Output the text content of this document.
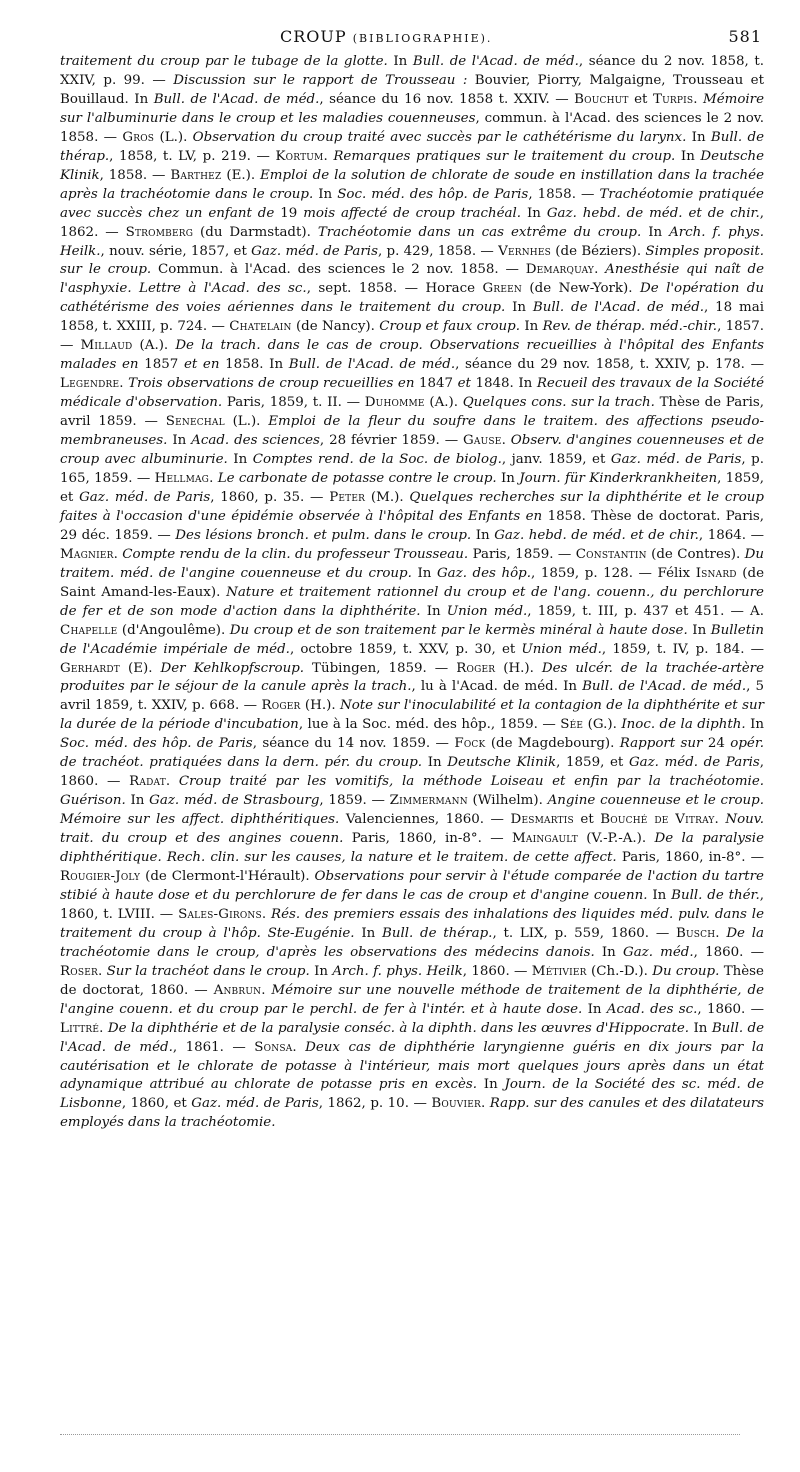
CROUP (BIBLIOGRAPHIE).	581
traitement du croup par le tubage de la glotte. In Bull. de l'Acad. de méd., séance du 2 nov. 1858, t. XXIV, p. 99. — Discussion sur le rapport de Trousseau : Bouvier, Piorry, Malgaigne, Trousseau et Bouillaud. In Bull. de l'Acad. de méd., séance du 16 nov. 1858 t. XXIV. — Bouchut et Turpis. Mémoire sur l'albuminurie dans le croup et les maladies couenneuses, commun. à l'Acad. des sciences le 2 nov. 1858. — Gros (L.). Observation du croup traité avec succès par le cathétérisme du larynx. In Bull. de thérap., 1858, t. LV, p. 219. — Kortum. Remarques pratiques sur le traitement du croup. In Deutsche Klinik, 1858. — Barthez (E.). Emploi de la solution de chlorate de soude en instillation dans la trachée après la trachéotomie dans le croup. In Soc. méd. des hôp. de Paris, 1858. — Trachéotomie pratiquée avec succès chez un enfant de 19 mois affecté de croup trachéal. In Gaz. hebd. de méd. et de chir., 1862. — Stromberg (du Darmstadt). Trachéotomie dans un cas extrême du croup. In Arch. f. phys. Heilk., nouv. série, 1857, et Gaz. méd. de Paris, p. 429, 1858. — Vernhes (de Béziers). Simples proposit. sur le croup. Commun. à l'Acad. des sciences le 2 nov. 1858. — Demarquay. Anesthésie qui naît de l'asphyxie. Lettre à l'Acad. des sc., sept. 1858. — Horace Green (de New-York). De l'opération du cathétérisme des voies aériennes dans le traitement du croup. In Bull. de l'Acad. de méd., 18 mai 1858, t. XXIII, p. 724. — Chatelain (de Nancy). Croup et faux croup. In Rev. de thérap. méd.-chir., 1857. — Millaud (A.). De la trach. dans le cas de croup. Observations recueillies à l'hôpital des Enfants malades en 1857 et en 1858. In Bull. de l'Acad. de méd., séance du 29 nov. 1858, t. XXIV, p. 178. — Legendre. Trois observations de croup recueillies en 1847 et 1848. In Recueil des travaux de la Société médicale d'observation. Paris, 1859, t. II. — Duhomme (A.). Quelques cons. sur la trach. Thèse de Paris, avril 1859. — Senechal (L.). Emploi de la fleur du soufre dans le traitem. des affections pseudo-membraneuses. In Acad. des sciences, 28 février 1859. — Gause. Observ. d'angines couenneuses et de croup avec albuminurie. In Comptes rend. de la Soc. de biolog., janv. 1859, et Gaz. méd. de Paris, p. 165, 1859. — Hellmag. Le carbonate de potasse contre le croup. In Journ. für Kinderkrankheiten, 1859, et Gaz. méd. de Paris, 1860, p. 35. — Peter (M.). Quelques recherches sur la diphthérite et le croup faites à l'occasion d'une épidémie observée à l'hôpital des Enfants en 1858. Thèse de doctorat. Paris, 29 déc. 1859. — Des lésions bronch. et pulm. dans le croup. In Gaz. hebd. de méd. et de chir., 1864. — Magnier. Compte rendu de la clin. du professeur Trousseau. Paris, 1859. — Constantin (de Contres). Du traitem. méd. de l'angine couenneuse et du croup. In Gaz. des hôp., 1859, p. 128. — Félix Isnard (de Saint Amand-les-Eaux). Nature et traitement rationnel du croup et de l'ang. couenn., du perchlorure de fer et de son mode d'action dans la diphthérite. In Union méd., 1859, t. III, p. 437 et 451. — A. Chapelle (d'Angoulême). Du croup et de son traitement par le kermès minéral à haute dose. In Bulletin de l'Académie impériale de méd., octobre 1859, t. XXV, p. 30, et Union méd., 1859, t. IV, p. 184. — Gerhardt (E). Der Kehlkopfscroup. Tübingen, 1859. — Roger (H.). Des ulcér. de la trachée-artère produites par le séjour de la canule après la trach., lu à l'Acad. de méd. In Bull. de l'Acad. de méd., 5 avril 1859, t. XXIV, p. 668. — Roger (H.). Note sur l'inoculabilité et la contagion de la diphthérite et sur la durée de la période d'incubation, lue à la Soc. méd. des hôp., 1859. — Sée (G.). Inoc. de la diphth. In Soc. méd. des hôp. de Paris, séance du 14 nov. 1859. — Fock (de Magdebourg). Rapport sur 24 opér. de trachéot. pratiquées dans la dern. pér. du croup. In Deutsche Klinik, 1859, et Gaz. méd. de Paris, 1860. — Radat. Croup traité par les vomitifs, la méthode Loiseau et enfin par la trachéotomie. Guérison. In Gaz. méd. de Strasbourg, 1859. — Zimmermann (Wilhelm). Angine couenneuse et le croup. Mémoire sur les affect. diphthéritiques. Valenciennes, 1860. — Desmartis et Bouché de Vitray. Nouv. trait. du croup et des angines couenn. Paris, 1860, in-8°. — Maingault (V.-P.-A.). De la paralysie diphthéritique. Rech. clin. sur les causes, la nature et le traitem. de cette affect. Paris, 1860, in-8°. — Rougier-Joly (de Clermont-l'Hérault). Observations pour servir à l'étude comparée de l'action du tartre stibié à haute dose et du perchlorure de fer dans le cas de croup et d'angine couenn. In Bull. de thér., 1860, t. LVIII. — Sales-Girons. Rés. des premiers essais des inhalations des liquides méd. pulv. dans le traitement du croup à l'hôp. Ste-Eugénie. In Bull. de thérap., t. LIX, p. 559, 1860. — Busch. De la trachéotomie dans le croup, d'après les observations des médecins danois. In Gaz. méd., 1860. — Roser. Sur la trachéot dans le croup. In Arch. f. phys. Heilk, 1860. — Métivier (Ch.-D.). Du croup. Thèse de doctorat, 1860. — Anbrun. Mémoire sur une nouvelle méthode de traitement de la diphthérie, de l'angine couenn. et du croup par le perchl. de fer à l'intér. et à haute dose. In Acad. des sc., 1860. — Littré. De la diphthérie et de la paralysie conséc. à la diphth. dans les œuvres d'Hippocrate. In Bull. de l'Acad. de méd., 1861. — Sonsa. Deux cas de diphthérie laryngienne guéris en dix jours par la cautérisation et le chlorate de potasse à l'intérieur, mais mort quelques jours après dans un état adynamique attribué au chlorate de potasse pris en excès. In Journ. de la Société des sc. méd. de Lisbonne, 1860, et Gaz. méd. de Paris, 1862, p. 10. — Bouvier. Rapp. sur des canules et des dilatateurs employés dans la trachéotomie.
